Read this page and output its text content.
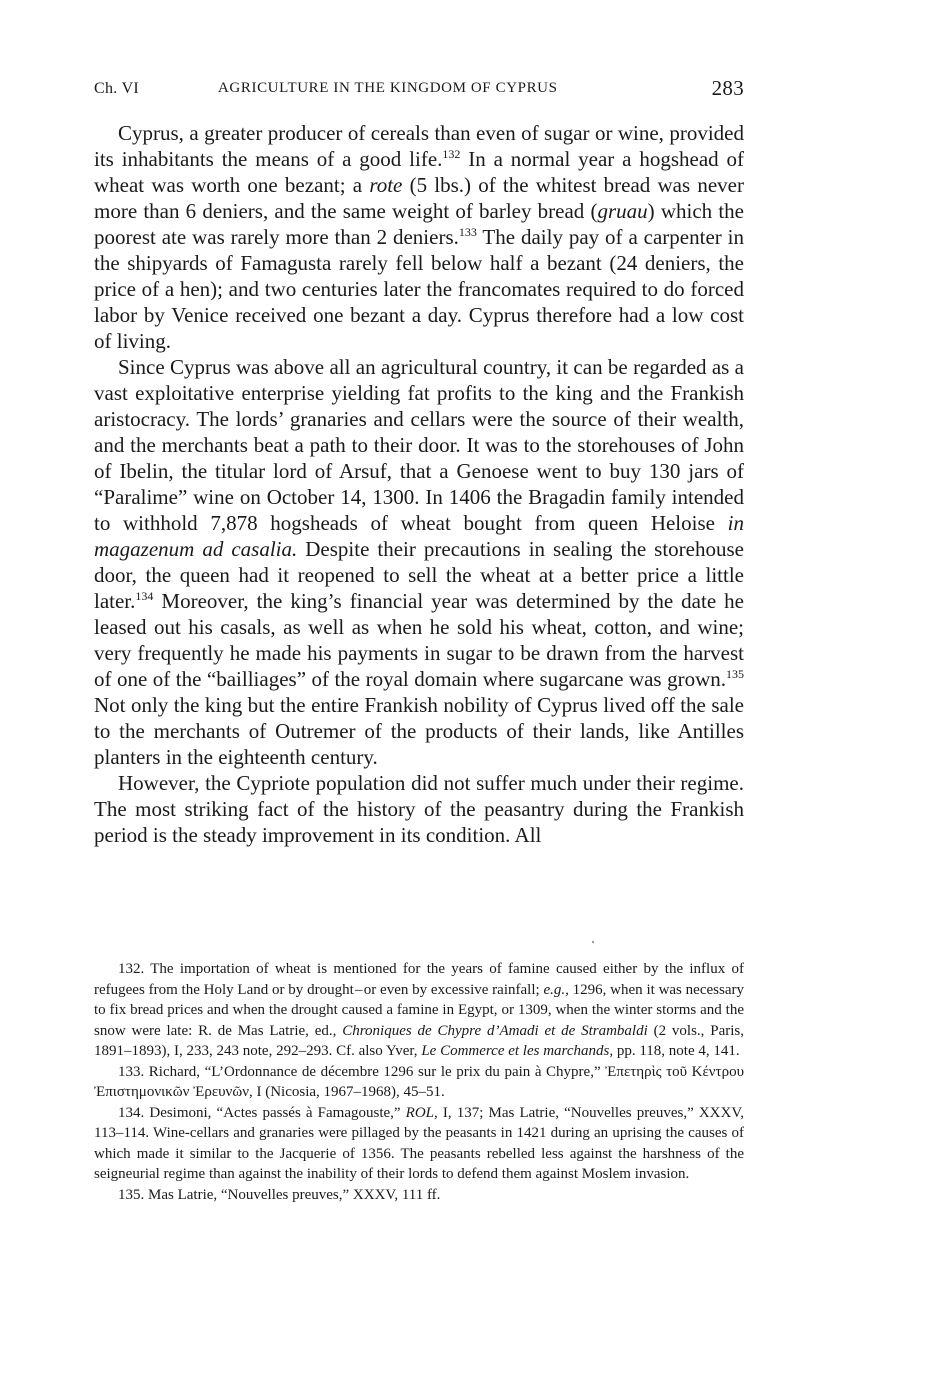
Ch. VI	AGRICULTURE IN THE KINGDOM OF CYPRUS	283

Cyprus, a greater producer of cereals than even of sugar or wine, provided its inhabitants the means of a good life.$^{132}$ In a normal year a hogshead of wheat was worth one bezant; a rote (5 lbs.) of the whitest bread was never more than 6 deniers, and the same weight of barley bread (gruau) which the poorest ate was rarely more than 2 deniers.$^{133}$ The daily pay of a carpenter in the shipyards of Famagusta rarely fell below half a bezant (24 deniers, the price of a hen); and two centuries later the francomates required to do forced labor by Venice received one bezant a day. Cyprus therefore had a low cost of living.

Since Cyprus was above all an agricultural country, it can be regarded as a vast exploitative enterprise yielding fat profits to the king and the Frankish aristocracy. The lords’ granaries and cellars were the source of their wealth, and the merchants beat a path to their door. It was to the storehouses of John of Ibelin, the titular lord of Arsuf, that a Genoese went to buy 130 jars of “Paralime” wine on October 14, 1300. In 1406 the Bragadin family intended to withhold 7,878 hogsheads of wheat bought from queen Heloise in magazenum ad casalia. Despite their precautions in sealing the storehouse door, the queen had it reopened to sell the wheat at a better price a little later.$^{134}$ Moreover, the king’s financial year was determined by the date he leased out his casals, as well as when he sold his wheat, cotton, and wine; very frequently he made his payments in sugar to be drawn from the harvest of one of the “bailliages” of the royal domain where sugarcane was grown.$^{135}$ Not only the king but the entire Frankish nobility of Cyprus lived off the sale to the merchants of Outremer of the products of their lands, like Antilles planters in the eighteenth century.

However, the Cypriote population did not suffer much under their regime. The most striking fact of the history of the peasantry during the Frankish period is the steady improvement in its condition. All

132. The importation of wheat is mentioned for the years of famine caused either by the influx of refugees from the Holy Land or by drought – or even by excessive rainfall; e.g., 1296, when it was necessary to fix bread prices and when the drought caused a famine in Egypt, or 1309, when the winter storms and the snow were late: R. de Mas Latrie, ed., Chroniques de Chypre d’Amadi et de Strambaldi (2 vols., Paris, 1891–1893), I, 233, 243 note, 292–293. Cf. also Yver, Le Commerce et les marchands, pp. 118, note 4, 141.

133. Richard, “L’Ordonnance de décembre 1296 sur le prix du pain à Chypre,” Ἐπετηρὶς τοῦ Κέντρου Ἐπιστημονικῶν Ἐρευνῶν, I (Nicosia, 1967–1968), 45–51.

134. Desimoni, “Actes passés à Famagouste,” ROL, I, 137; Mas Latrie, “Nouvelles preuves,” XXXV, 113–114. Wine-cellars and granaries were pillaged by the peasants in 1421 during an uprising the causes of which made it similar to the Jacquerie of 1356. The peasants rebelled less against the harshness of the seigneurial regime than against the inability of their lords to defend them against Moslem invasion.

135. Mas Latrie, “Nouvelles preuves,” XXXV, 111 ff.
